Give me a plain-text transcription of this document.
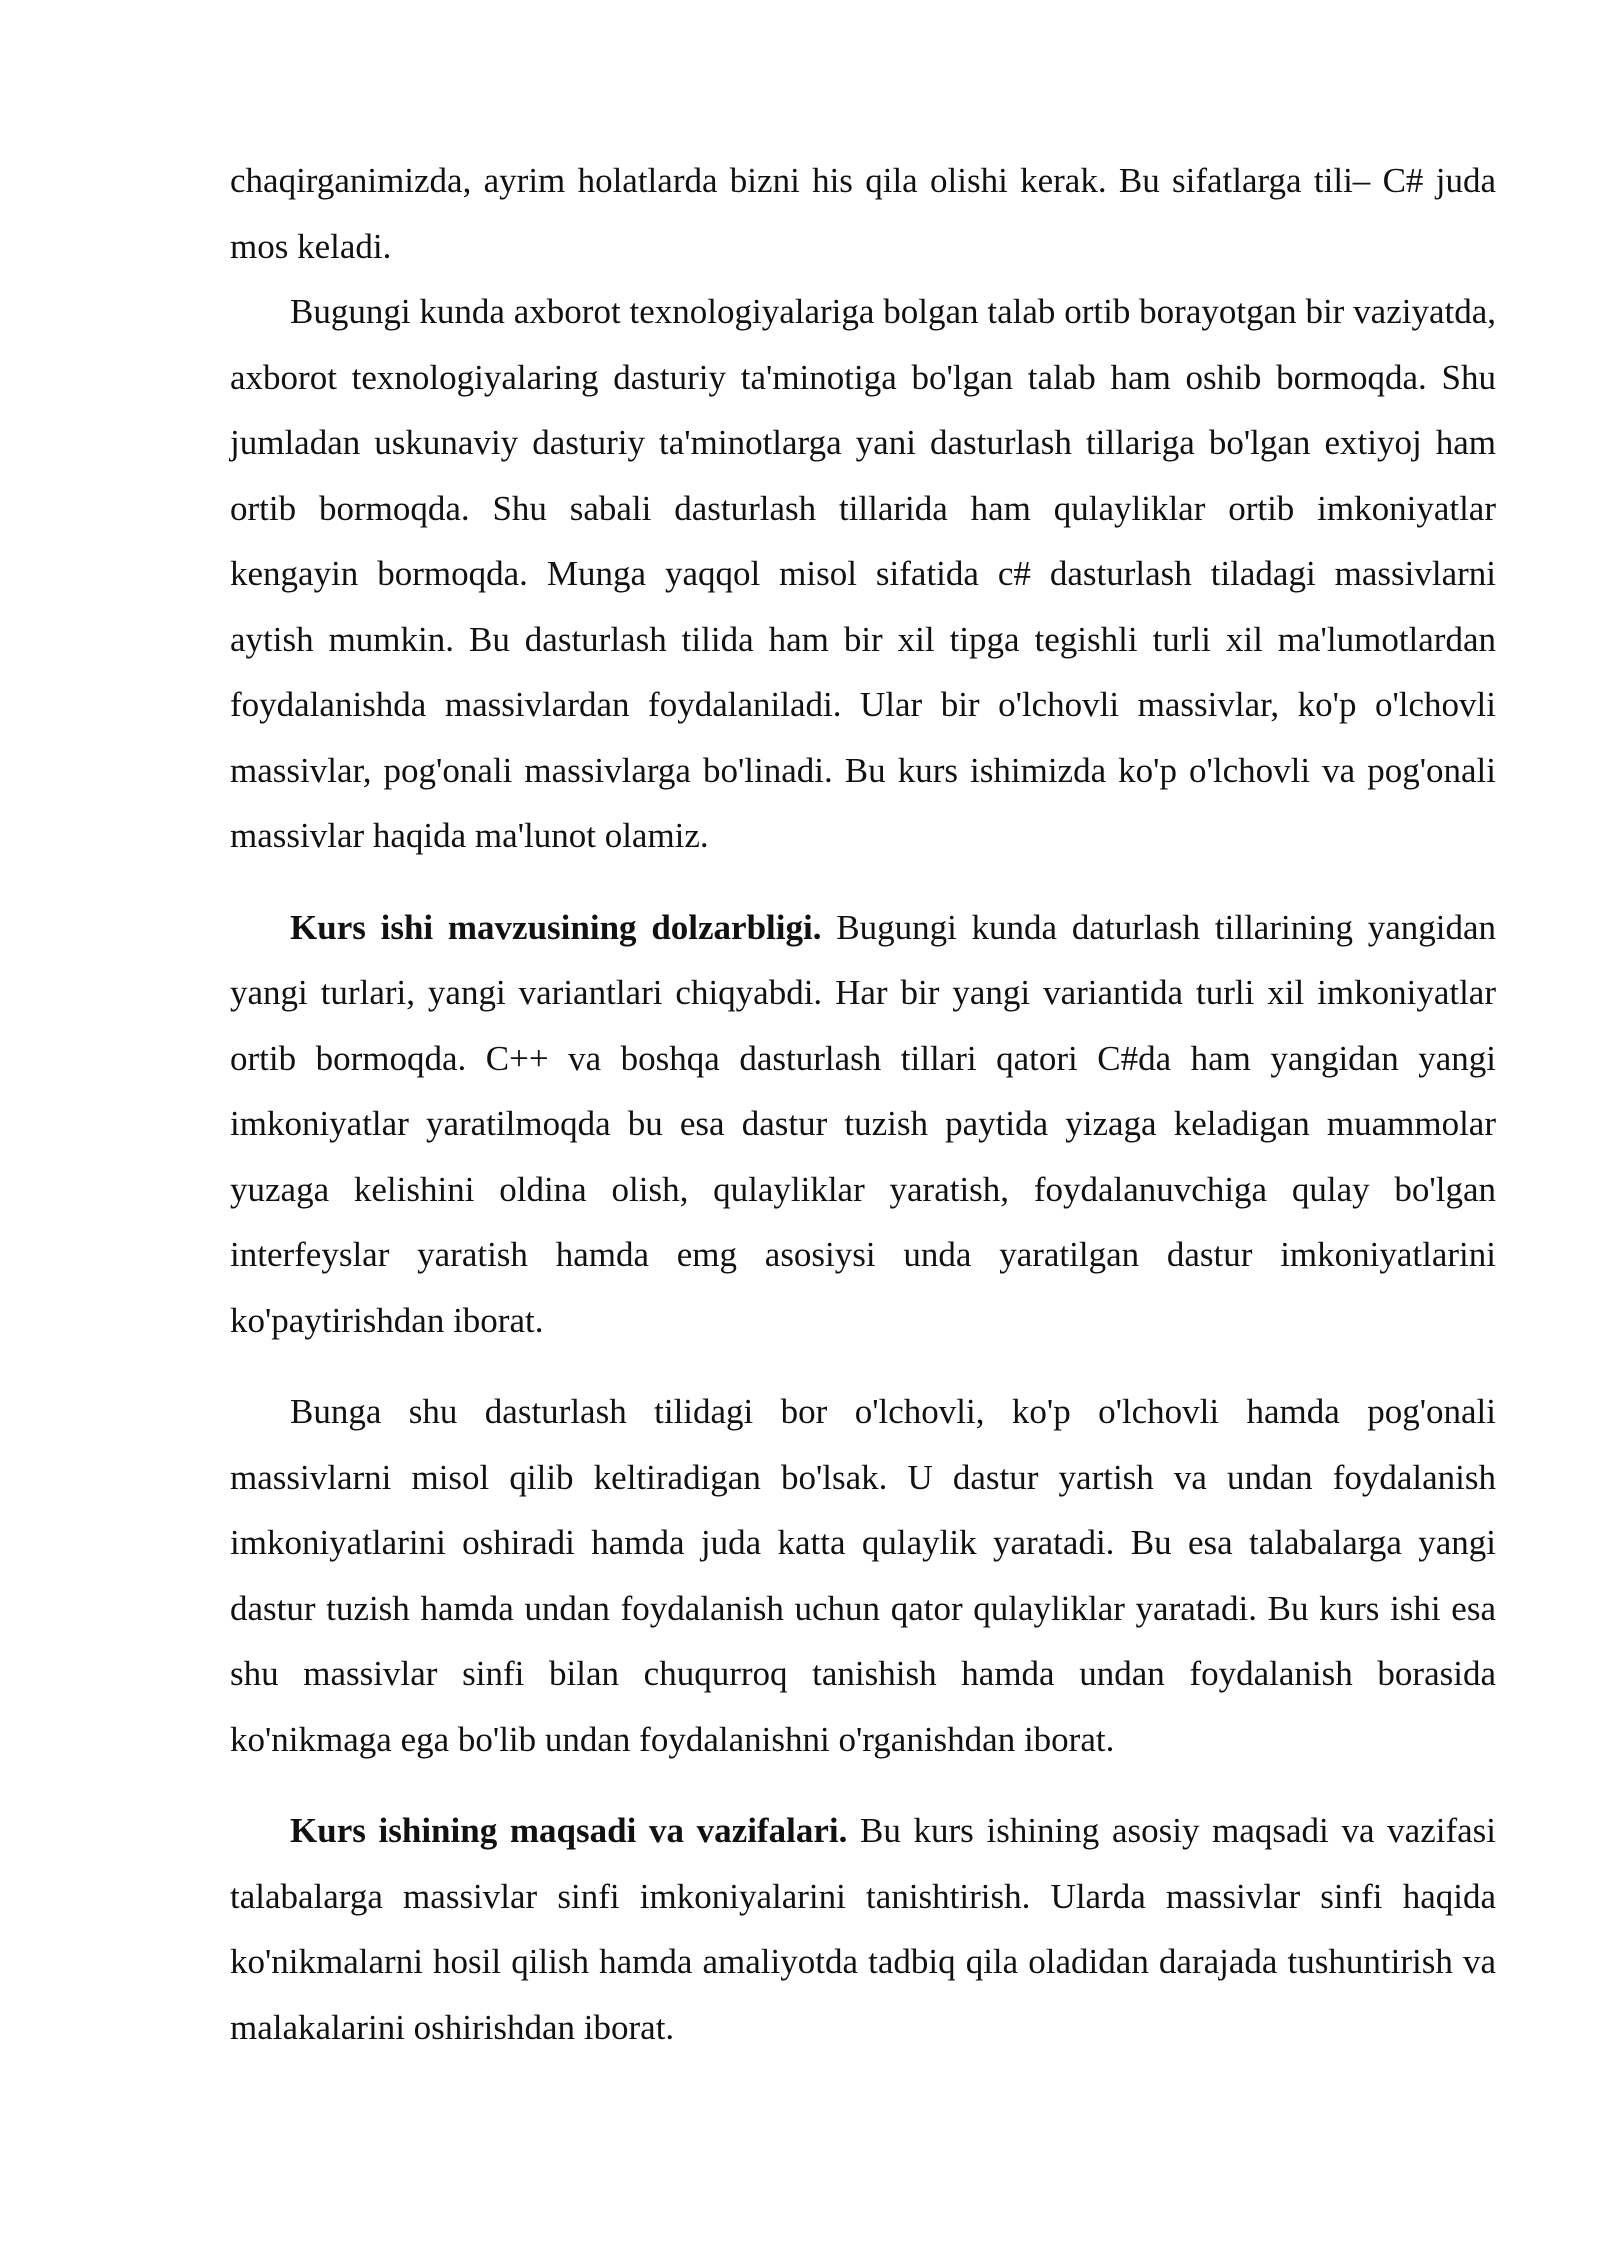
chaqirganimizda, ayrim holatlarda bizni his qila olishi kerak. Bu sifatlarga tili– C# juda mos keladi.

Bugungi kunda axborot texnologiyalariga bolgan talab ortib borayotgan bir vaziyatda, axborot texnologiyalaring dasturiy ta'minotiga bo'lgan talab ham oshib bormoqda. Shu jumladan uskunaviy dasturiy ta'minotlarga yani dasturlash tillariga bo'lgan extiyoj ham ortib bormoqda. Shu sabali dasturlash tillarida ham qulayliklar ortib imkoniyatlar kengayin bormoqda. Munga yaqqol misol sifatida c# dasturlash tiladagi massivlarni aytish mumkin. Bu dasturlash tilida ham bir xil tipga tegishli turli xil ma'lumotlardan foydalanishda massivlardan foydalaniladi. Ular bir o'lchovli massivlar, ko'p o'lchovli massivlar, pog'onali massivlarga bo'linadi. Bu kurs ishimizda ko'p o'lchovli va pog'onali massivlar haqida ma'lunot olamiz.

Kurs ishi mavzusining dolzarbligi. Bugungi kunda daturlash tillarining yangidan yangi turlari, yangi variantlari chiqyabdi. Har bir yangi variantida turli xil imkoniyatlar ortib bormoqda. C++ va boshqa dasturlash tillari qatori C#da ham yangidan yangi imkoniyatlar yaratilmoqda bu esa dastur tuzish paytida yizaga keladigan muammolar yuzaga kelishini oldina olish, qulayliklar yaratish, foydalanuvchiga qulay bo'lgan interfeyslar yaratish hamda emg asosiysi unda yaratilgan dastur imkoniyatlarini ko'paytirishdan iborat.

Bunga shu dasturlash tilidagi bor o'lchovli, ko'p o'lchovli hamda pog'onali massivlarni misol qilib keltiradigan bo'lsak. U dastur yartish va undan foydalanish imkoniyatlarini oshiradi hamda juda katta qulaylik yaratadi. Bu esa talabalarga yangi dastur tuzish hamda undan foydalanish uchun qator qulayliklar yaratadi. Bu kurs ishi esa shu massivlar sinfi bilan chuqurroq tanishish hamda undan foydalanish borasida ko'nikmaga ega bo'lib undan foydalanishni o'rganishdan iborat.

Kurs ishining maqsadi va vazifalari. Bu kurs ishining asosiy maqsadi va vazifasi talabalarga massivlar sinfi imkoniyalarini tanishtirish. Ularda massivlar sinfi haqida ko'nikmalarni hosil qilish hamda amaliyotda tadbiq qila oladidan darajada tushuntirish va malakalarini oshirishdan iborat.
